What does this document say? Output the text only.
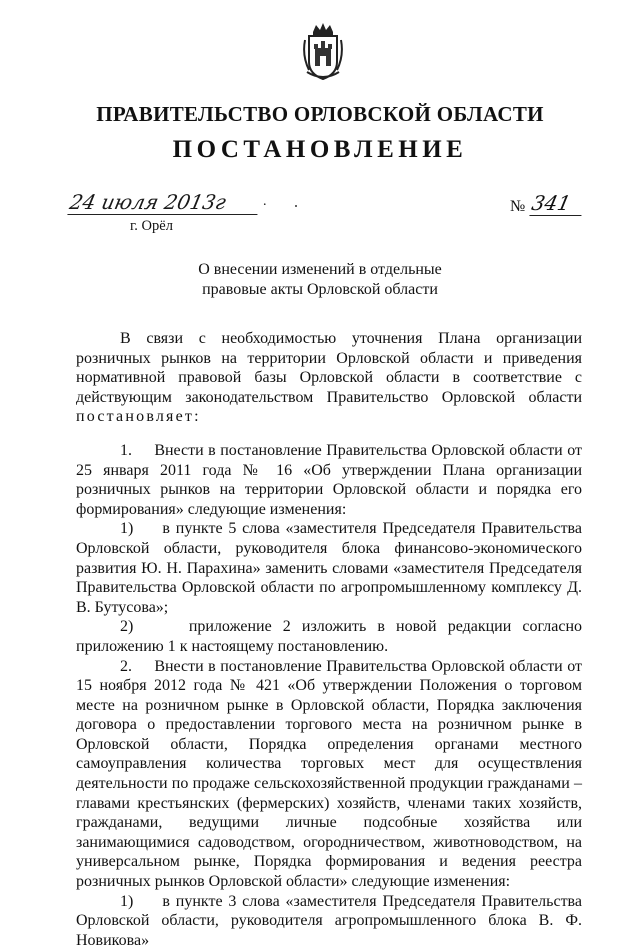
ПРАВИТЕЛЬСТВО ОРЛОВСКОЙ ОБЛАСТИ
ПОСТАНОВЛЕНИЕ
24 июля 2013г	.	№ 341
г. Орёл
О внесении изменений в отдельные
правовые акты Орловской области

В связи с необходимостью уточнения Плана организации розничных рынков на территории Орловской области и приведения нормативной правовой базы Орловской области в соответствие с действующим законодательством Правительство Орловской области постановляет:

1.     Внести в постановление Правительства Орловской области от 25 января 2011 года № 16 «Об утверждении Плана организации розничных рынков на территории Орловской области и порядка его формирования» следующие изменения:

1)     в пункте 5 слова «заместителя Председателя Правительства Орловской области, руководителя блока финансово-экономического развития Ю. Н. Парахина» заменить словами «заместителя Председателя Правительства Орловской области по агропромышленному комплексу Д. В. Бутусова»;

2)     приложение 2 изложить в новой редакции согласно приложению 1 к настоящему постановлению.

2.     Внести в постановление Правительства Орловской области от 15 ноября 2012 года № 421 «Об утверждении Положения о торговом месте на розничном рынке в Орловской области, Порядка заключения договора о предоставлении торгового места на розничном рынке в Орловской области, Порядка определения органами местного самоуправления количества торговых мест для осуществления деятельности по продаже сельскохозяйственной продукции гражданами – главами крестьянских (фермерских) хозяйств, членами таких хозяйств, гражданами, ведущими личные подсобные хозяйства или занимающимися садоводством, огородничеством, животноводством, на универсальном рынке, Порядка формирования и ведения реестра розничных рынков Орловской области» следующие изменения:

1)     в пункте 3 слова «заместителя Председателя Правительства Орловской области, руководителя агропромышленного блока В. Ф. Новикова»
